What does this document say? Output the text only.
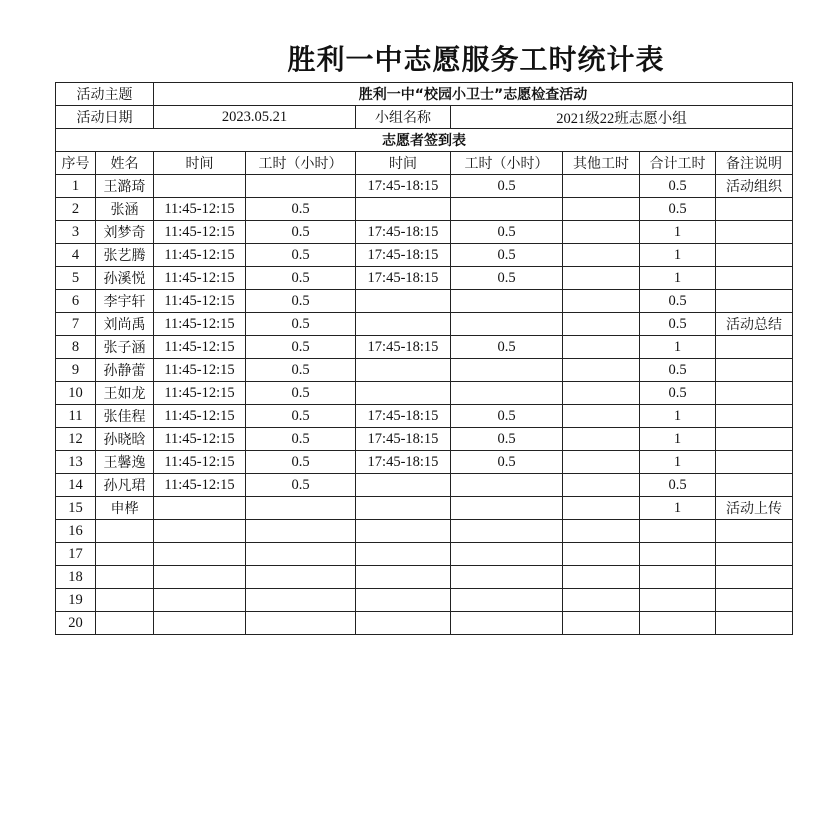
胜利一中志愿服务工时统计表
活动主题		胜利一中“校园小卫士”志愿检查活动						
活动日期		2023.05.21		小组名称	2021级22班志愿小组			
志愿者签到表								
序号	姓名	时间	工时（小时）	时间	工时（小时）	其他工时	合计工时	备注说明
1	王潞琦			17:45-18:15	0.5		0.5	活动组织
2	张涵	11:45-12:15	0.5				0.5	
3	刘梦奇	11:45-12:15	0.5	17:45-18:15	0.5		1	
4	张艺腾	11:45-12:15	0.5	17:45-18:15	0.5		1	
5	孙溪悦	11:45-12:15	0.5	17:45-18:15	0.5		1	
6	李宇轩	11:45-12:15	0.5				0.5	
7	刘尚禹	11:45-12:15	0.5				0.5	活动总结
8	张子涵	11:45-12:15	0.5	17:45-18:15	0.5		1	
9	孙静蕾	11:45-12:15	0.5				0.5	
10	王如龙	11:45-12:15	0.5				0.5	
11	张佳程	11:45-12:15	0.5	17:45-18:15	0.5		1	
12	孙晓晗	11:45-12:15	0.5	17:45-18:15	0.5		1	
13	王馨逸	11:45-12:15	0.5	17:45-18:15	0.5		1	
14	孙凡珺	11:45-12:15	0.5				0.5	
15	申桦						1	活动上传
16								
17								
18								
19								
20								
